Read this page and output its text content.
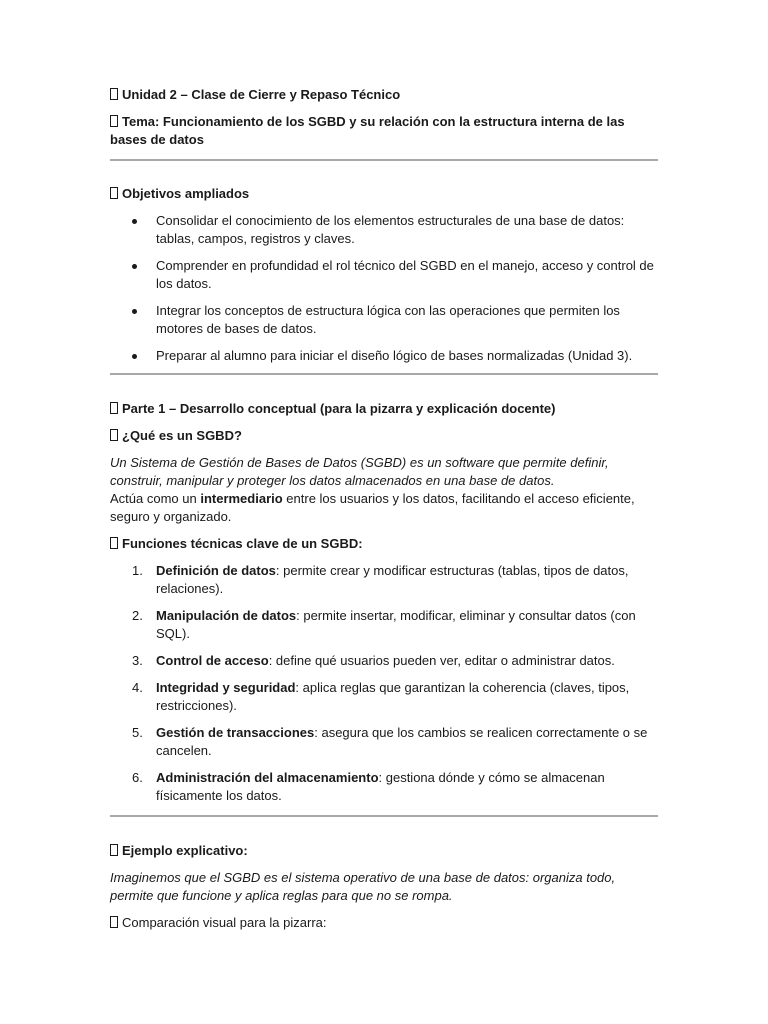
Unidad 2 – Clase de Cierre y Repaso Técnico

Tema: Funcionamiento de los SGBD y su relación con la estructura interna de las bases de datos

Objetivos ampliados

Consolidar el conocimiento de los elementos estructurales de una base de datos: tablas, campos, registros y claves.
Comprender en profundidad el rol técnico del SGBD en el manejo, acceso y control de los datos.
Integrar los conceptos de estructura lógica con las operaciones que permiten los motores de bases de datos.
Preparar al alumno para iniciar el diseño lógico de bases normalizadas (Unidad 3).

Parte 1 – Desarrollo conceptual (para la pizarra y explicación docente)

¿Qué es un SGBD?

Un Sistema de Gestión de Bases de Datos (SGBD) es un software que permite definir, construir, manipular y proteger los datos almacenados en una base de datos.

Actúa como un intermediario entre los usuarios y los datos, facilitando el acceso eficiente, seguro y organizado.

Funciones técnicas clave de un SGBD:

1. Definición de datos: permite crear y modificar estructuras (tablas, tipos de datos, relaciones).
2. Manipulación de datos: permite insertar, modificar, eliminar y consultar datos (con SQL).
3. Control de acceso: define qué usuarios pueden ver, editar o administrar datos.
4. Integridad y seguridad: aplica reglas que garantizan la coherencia (claves, tipos, restricciones).
5. Gestión de transacciones: asegura que los cambios se realicen correctamente o se cancelen.
6. Administración del almacenamiento: gestiona dónde y cómo se almacenan físicamente los datos.

Ejemplo explicativo:

Imaginemos que el SGBD es el sistema operativo de una base de datos: organiza todo, permite que funcione y aplica reglas para que no se rompa.

Comparación visual para la pizarra:
